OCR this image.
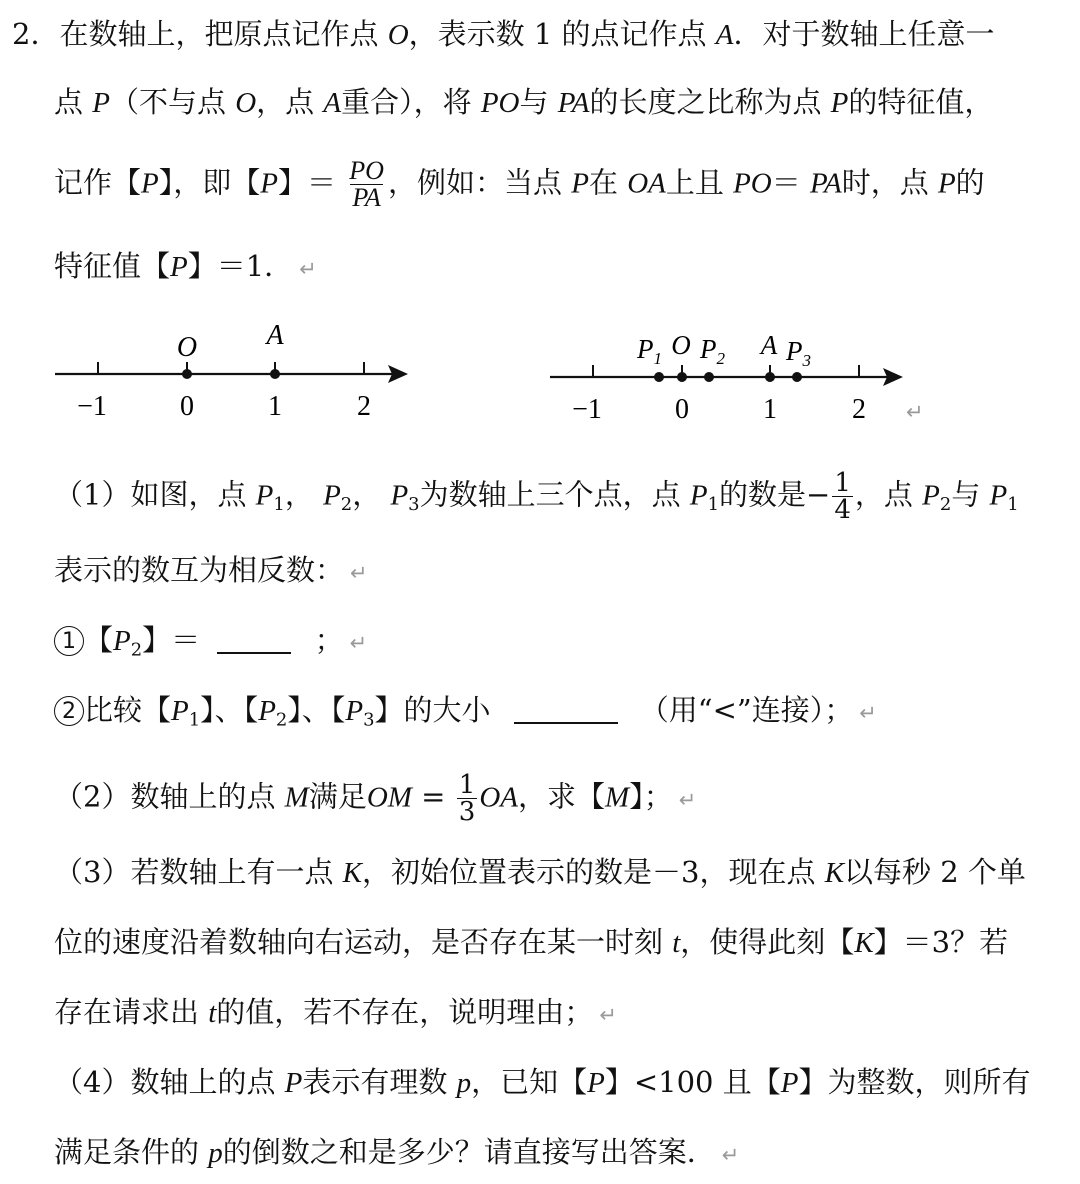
2．在数轴上，把原点记作点 O，表示数 1 的点记作点 A．对于数轴上任意一
点 P（不与点 O，点 A重合），将 PO与 PA的长度之比称为点 P的特征值，
记作【P】，即【P】＝ $\frac{PO}{PA}$ ，例如：当点 P在 OA上且 PO＝ PA时，点 P的
特征值【P】＝1． ↵
−1	0	1	2
O A
−1	0	1	2
$P_1$ O $P_2$ A $P_3$
↵
（1）如图，点 $P_1$， $P_2$， $P_3$为数轴上三个点，点 $P_1$的数是− $\frac{1}{4}$ ，点 $P_2$与 $P_1$
表示的数互为相反数： ↵
1 【$P_2$】＝	； ↵
2 比较【$P_1$】、【$P_2$】、【$P_3$】的大小	（用“<”连接）； ↵
（2）数轴上的点 M满足OM = $\frac{1}{3}$ OA，求【M】； ↵
（3）若数轴上有一点 K，初始位置表示的数是－3，现在点 K以每秒 2 个单
位的速度沿着数轴向右运动，是否存在某一时刻 t，使得此刻【K】＝3？若
存在请求出 t的值，若不存在，说明理由； ↵
（4）数轴上的点 P表示有理数 p，已知【P】<100 且【P】为整数，则所有
满足条件的 p的倒数之和是多少？请直接写出答案． ↵
